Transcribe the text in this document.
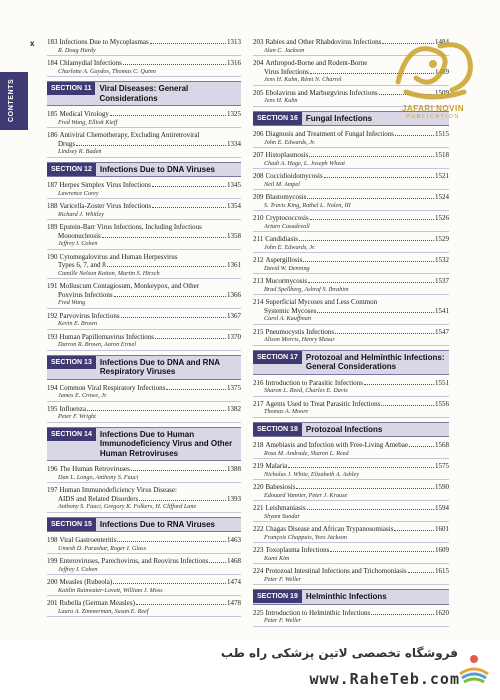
CONTENTS
x 183 Infections Due to Mycoplasmas	1313
R. Doug Hardy
184 Chlamydial Infections	1316
Charlotte A. Gaydos, Thomas C. Quinn
SECTION 11	Viral Diseases: General Considerations
185 Medical Virology	1325
Fred Wang, Elliott Kieff
186 Antiviral Chemotherapy, Excluding Antiretroviral
Drugs	1334
Lindsey R. Baden
SECTION 12	Infections Due to DNA Viruses
187 Herpes Simplex Virus Infections	1345
Lawrence Corey
188 Varicella-Zoster Virus Infections	1354
Richard J. Whitley
189 Epstein-Barr Virus Infections, Including Infectious
Mononucleosis	1358
Jeffrey I. Cohen
190 Cytomegalovirus and Human Herpesvirus
Types 6, 7, and 8	1361
Camille Nelson Kotton, Martin S. Hirsch
191 Molluscum Contagiosum, Monkeypox, and Other
Poxvirus Infections	1366
Fred Wang
192 Parvovirus Infections	1367
Kevin E. Brown
193 Human Papillomavirus Infections	1370
Darron R. Brown, Aaron Ermel
SECTION 13	Infections Due to DNA and RNA Respiratory Viruses
194 Common Viral Respiratory Infections	1375
James E. Crowe, Jr.
195 Influenza	1382
Peter F. Wright
SECTION 14	Infections Due to Human Immunodeficiency Virus and Other Human Retroviruses
196 The Human Retroviruses	1388
Dan L. Longo, Anthony S. Fauci
197 Human Immunodeficiency Virus Disease:
AIDS and Related Disorders	1393
Anthony S. Fauci, Gregory K. Folkers, H. Clifford Lane
SECTION 15	Infections Due to RNA Viruses
198 Viral Gastroenteritis	1463
Umesh D. Parashar, Roger I. Glass
199 Enteroviruses, Parechovirus, and Reovirus Infections	1468
Jeffrey I. Cohen
200 Measles (Rubeola)	1474
Kaitlin Rainwater-Lovett, William J. Moss
201 Rubella (German Measles)	1478
Laura A. Zimmerman, Susan E. Reef
203 Rabies and Other Rhabdovirus Infections	1484
Alan C. Jackson
204 Arthropod-Borne and Rodent-Borne
Virus Infections	1489
Jens H. Kuhn, Rémi N. Charrel
205 Ebolavirus and Marburgvirus Infections	1509
Jens H. Kuhn
SECTION 16	Fungal Infections
206 Diagnosis and Treatment of Fungal Infections	1515
John E. Edwards, Jr.
207 Histoplasmosis	1518
Chadi A. Hage, L. Joseph Wheat
208 Coccidioidomycosis	1521
Neil M. Ampel
209 Blastomycosis	1524
S. Travis King, Rathel L. Nolen, III
210 Cryptococcosis	1526
Arturo Casadevall
211 Candidiasis	1529
John E. Edwards, Jr.
212 Aspergillosis	1532
David W. Denning
213 Mucormycosis	1537
Brad Spellberg, Ashraf S. Ibrahim
214 Superficial Mycoses and Less Common
Systemic Mycoses	1541
Carol A. Kauffman
215 Pneumocystis Infections	1547
Alison Morris, Henry Masur
SECTION 17	Protozoal and Helminthic Infections: General Considerations
216 Introduction to Parasitic Infections	1551
Sharon L. Reed, Charles E. Davis
217 Agents Used to Treat Parasitic Infections	1556
Thomas A. Moore
SECTION 18	Protozoal Infections
218 Amebiasis and Infection with Free-Living Amebae	1568
Rosa M. Andrade, Sharon L. Reed
219 Malaria	1575
Nicholas J. White, Elizabeth A. Ashley
220 Babesiosis	1590
Edouard Vannier, Peter J. Krause
221 Leishmaniasis	1594
Shyam Sundar
222 Chagas Disease and African Trypanosomiasis	1601
François Chappuis, Yves Jackson
223 Toxoplasma Infections	1609
Kami Kim
224 Protozoal Intestinal Infections and Trichomoniasis	1615
Peter F. Weller
SECTION 19	Helminthic Infections
225 Introduction to Helminthic Infections	1620
Peter F. Weller
JAFARI NOVIN
PUBLICATION
فروشگاه تخصصی لاتین پزشکی راه طب
www.RaheTeb.com
